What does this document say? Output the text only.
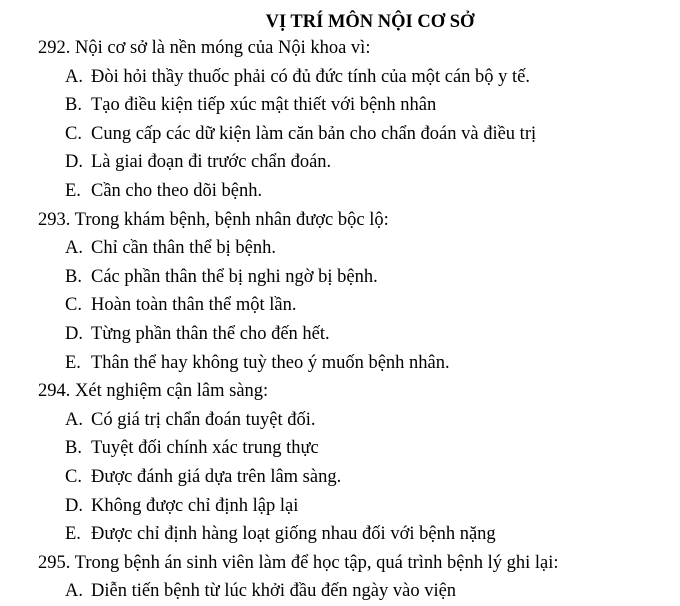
VỊ TRÍ MÔN NỘI CƠ SỞ
292. Nội cơ sở là nền móng của Nội khoa vì:
A. Đòi hỏi thầy thuốc phải có đủ đức tính của một cán bộ y tế.
B. Tạo điều kiện tiếp xúc mật thiết với bệnh nhân
C. Cung cấp các dữ kiện làm căn bản cho chẩn đoán và điều trị
D. Là giai đoạn đi trước chẩn đoán.
E. Cần cho theo dõi bệnh.
293. Trong khám bệnh, bệnh nhân được bộc lộ:
A. Chỉ cần thân thể bị bệnh.
B. Các phần thân thể bị nghi ngờ bị bệnh.
C. Hoàn toàn thân thể một lần.
D. Từng phần thân thể cho đến hết.
E. Thân thể hay không tuỳ theo ý muốn bệnh nhân.
294. Xét nghiệm cận lâm sàng:
A. Có giá trị chẩn đoán tuyệt đối.
B. Tuyệt đối chính xác trung thực
C. Được đánh giá dựa trên lâm sàng.
D. Không được chỉ định lập lại
E. Được chỉ định hàng loạt giống nhau đối với bệnh nặng
295. Trong bệnh án sinh viên làm để học tập, quá trình bệnh lý ghi lại:
A. Diễn tiến bệnh từ lúc khởi đầu đến ngày vào viện
